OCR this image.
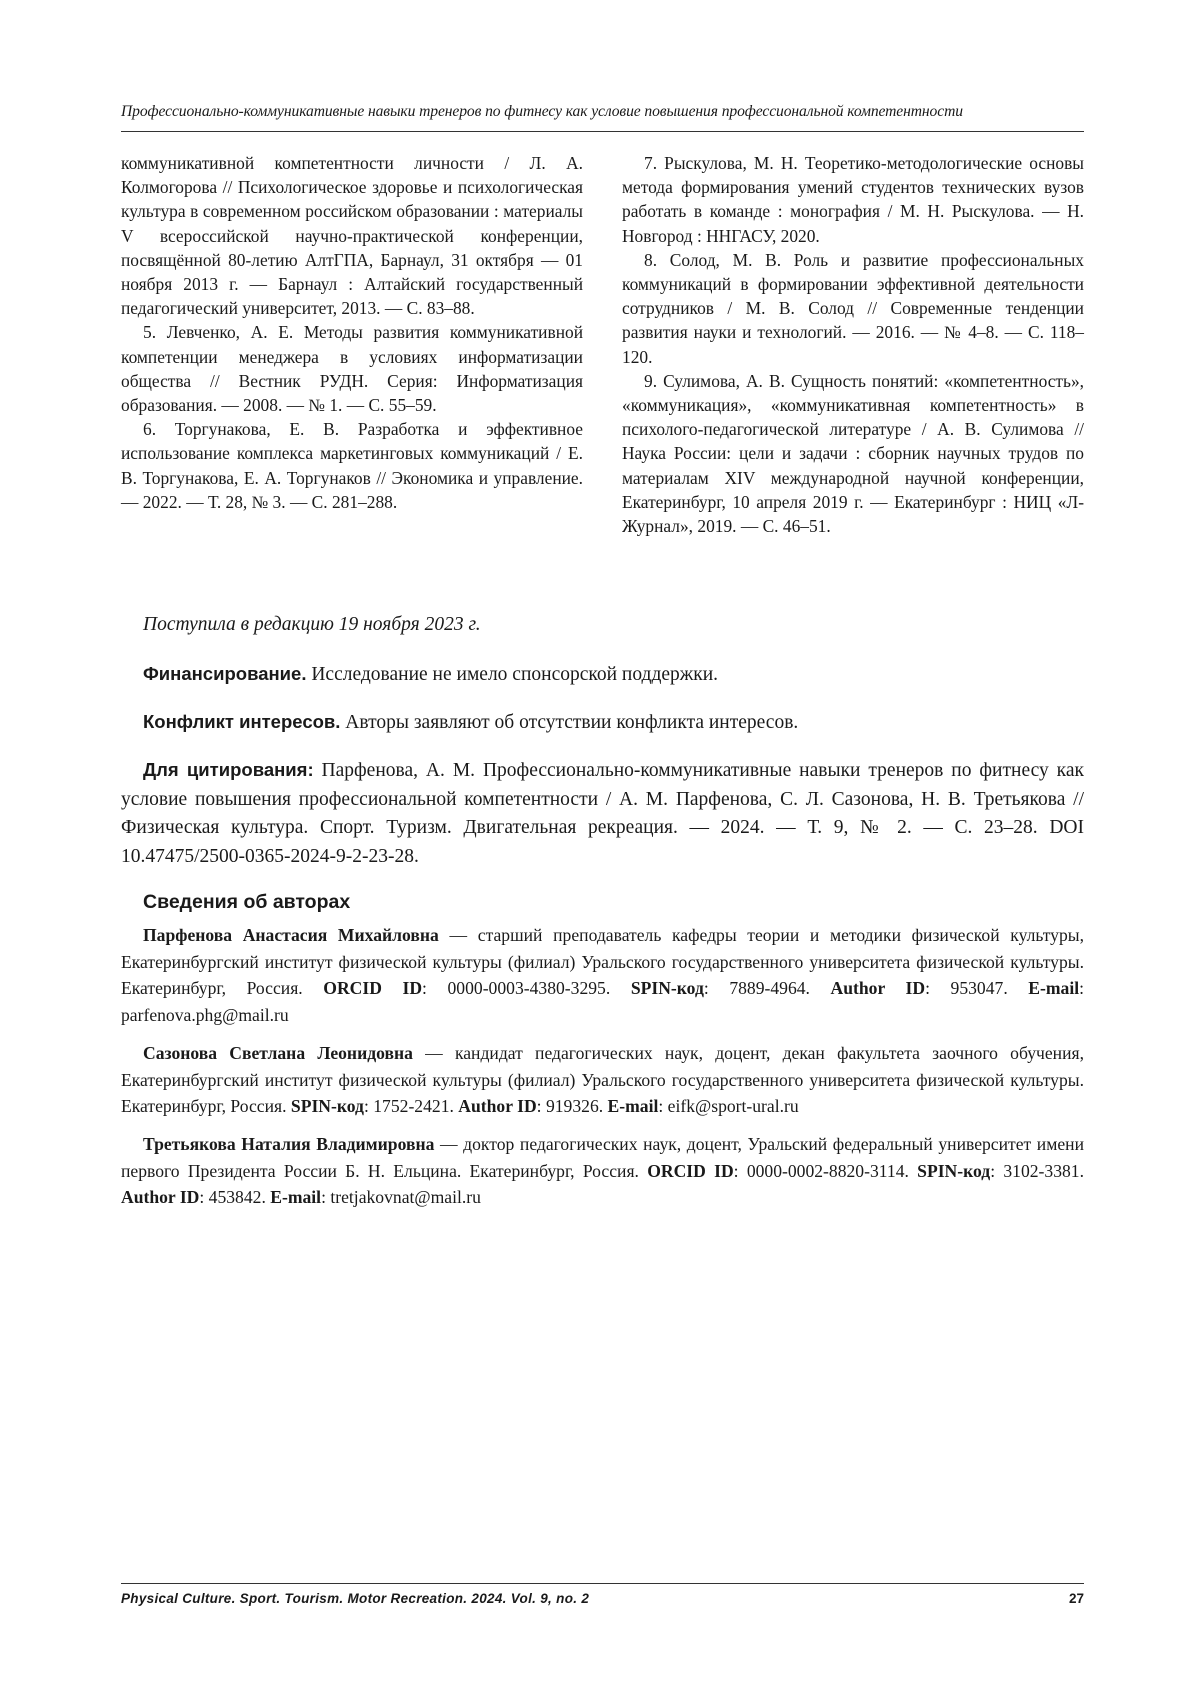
Профессионально-коммуникативные навыки тренеров по фитнесу как условие повышения профессиональной компетентности

коммуникативной компетентности личности / Л. А. Колмогорова // Психологическое здоровье и психологическая культура в современном российском образовании : материалы V всероссийской научно-практической конференции, посвящённой 80-летию АлтГПА, Барнаул, 31 октября — 01 ноября 2013 г. — Барнаул : Алтайский государственный педагогический университет, 2013. — С. 83–88.

5. Левченко, А. Е. Методы развития коммуникативной компетенции менеджера в условиях информатизации общества // Вестник РУДН. Серия: Информатизация образования. — 2008. — № 1. — С. 55–59.

6. Торгунакова, Е. В. Разработка и эффективное использование комплекса маркетинговых коммуникаций / Е. В. Торгунакова, Е. А. Торгунаков // Экономика и управление. — 2022. — Т. 28, № 3. — С. 281–288.

7. Рыскулова, М. Н. Теоретико-методологические основы метода формирования умений студентов технических вузов работать в команде : монография / М. Н. Рыскулова. — Н. Новгород : ННГАСУ, 2020.

8. Солод, М. В. Роль и развитие профессиональных коммуникаций в формировании эффективной деятельности сотрудников / М. В. Солод // Современные тенденции развития науки и технологий. — 2016. — № 4–8. — С. 118–120.

9. Сулимова, А. В. Сущность понятий: «компетентность», «коммуникация», «коммуникативная компетентность» в психолого-педагогической литературе / А. В. Сулимова // Наука России: цели и задачи : сборник научных трудов по материалам XIV международной научной конференции, Екатеринбург, 10 апреля 2019 г. — Екатеринбург : НИЦ «Л-Журнал», 2019. — С. 46–51.

Поступила в редакцию 19 ноября 2023 г.
Финансирование. Исследование не имело спонсорской поддержки.
Конфликт интересов. Авторы заявляют об отсутствии конфликта интересов.
Для цитирования: Парфенова, А. М. Профессионально-коммуникативные навыки тренеров по фитнесу как условие повышения профессиональной компетентности / А. М. Парфенова, С. Л. Сазонова, Н. В. Третьякова // Физическая культура. Спорт. Туризм. Двигательная рекреация. — 2024. — Т. 9, № 2. — С. 23–28. DOI 10.47475/2500-0365-2024-9-2-23-28.
Сведения об авторах
Парфенова Анастасия Михайловна — старший преподаватель кафедры теории и методики физической культуры, Екатеринбургский институт физической культуры (филиал) Уральского государственного университета физической культуры. Екатеринбург, Россия. ORCID ID: 0000-0003-4380-3295. SPIN-код: 7889-4964. Author ID: 953047. E-mail: parfenova.phg@mail.ru
Сазонова Светлана Леонидовна — кандидат педагогических наук, доцент, декан факультета заочного обучения, Екатеринбургский институт физической культуры (филиал) Уральского государственного университета физической культуры. Екатеринбург, Россия. SPIN-код: 1752-2421. Author ID: 919326. E-mail: eifk@sport-ural.ru
Третьякова Наталия Владимировна — доктор педагогических наук, доцент, Уральский федеральный университет имени первого Президента России Б. Н. Ельцина. Екатеринбург, Россия. ORCID ID: 0000-0002-8820-3114. SPIN-код: 3102-3381. Author ID: 453842. E-mail: tretjakovnat@mail.ru
Physical Culture. Sport. Tourism. Motor Recreation. 2024. Vol. 9, no. 2	27
